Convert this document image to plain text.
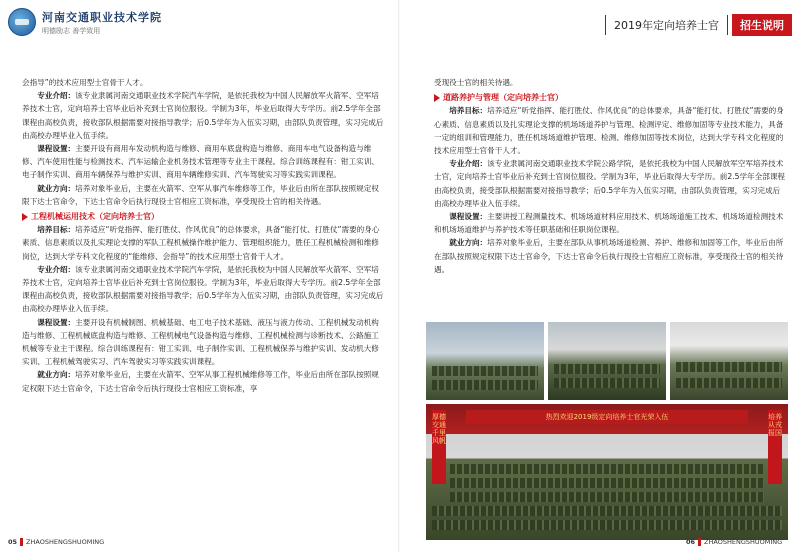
河南交通职业技术学院
明德励志 善学致用

会指导”的技术应用型士官骨干人才。

专业介绍：该专业隶属河南交通职业技术学院汽车学院，是依托我校为中国人民解放军火箭军、空军培养技术士官，定向培养士官毕业后补充到士官岗位服役。学制为3年，毕业后取得大专学历。前2.5学年全部课程由高校负责，接收部队根据需要对接指导教学；后0.5学年为入伍实习期，由部队负责管理，实习完成后由高校办理毕业入伍手续。

课程设置：主要开设有商用车发动机构造与维修、商用车底盘构造与维修、商用车电气设备构造与维修、汽车使用性能与检测技术、汽车运输企业机务技术管理等专业主干课程。综合训练课程有：钳工实训、电子制作实训、商用车辆保养与维护实训、商用车辆维修实训、汽车驾驶实习等实践实训课程。

就业方向：培养对象毕业后，主要在火箭军、空军从事汽车维修等工作，毕业后由所在部队按照规定权限下达士官命令，下达士官命令后执行现役士官相应工资标准，享受现役士官的相关待遇。

工程机械运用技术（定向培养士官）

培养目标：培养适应“听党指挥、能打胜仗、作风优良”的总体要求，具备“能打仗、打胜仗”需要的身心素质、信息素质以及扎实理论支撑的军队工程机械操作维护能力、管理组织能力，胜任工程机械检测和维修岗位，达到大学专科文化程度的“能维修、会指导”的技术应用型士官骨干人才。

专业介绍：该专业隶属河南交通职业技术学院汽车学院，是依托我校为中国人民解放军火箭军、空军培养技术士官，定向培养士官毕业后补充到士官岗位服役。学制为3年，毕业后取得大专学历。前2.5学年全部课程由高校负责，接收部队根据需要对接指导教学；后0.5学年为入伍实习期，由部队负责管理，实习完成后由高校办理毕业入伍手续。

课程设置：主要开设有机械制图、机械基础、电工电子技术基础、液压与液力传动、工程机械发动机构造与维修、工程机械底盘构造与维修、工程机械电气设备构造与维修、工程机械检测与诊断技术、公路施工机械等专业主干课程。综合训练课程有：钳工实训、电子制作实训、工程机械保养与维护实训、发动机大修实训、工程机械驾驶实习、汽车驾驶实习等实践实训课程。

就业方向：培养对象毕业后，主要在火箭军、空军从事工程机械维修等工作，毕业后由所在部队按照规定权限下达士官命令，下达士官命令后执行现役士官相应工资标准，享

05 ZHAOSHENGSHUOMING
2019年定向培养士官	招生说明

受现役士官的相关待遇。

道路养护与管理（定向培养士官）

培养目标：培养适应“听党指挥、能打胜仗、作风优良”的总体要求，具备“能打仗、打胜仗”需要的身心素质、信息素质以及扎实理论支撑的机场场道养护与管理、检测评定、维修加固等专业技术能力，具备一定的组训和管理能力，胜任机场场道维护管理、检测、维修加固等技术岗位，达到大学专科文化程度的技术应用型士官骨干人才。

专业介绍：该专业隶属河南交通职业技术学院公路学院，是依托我校为中国人民解放军空军培养技术士官，定向培养士官毕业后补充到士官岗位服役。学制为3年，毕业后取得大专学历。前2.5学年全部课程由高校负责，接受部队根据需要对接指导教学；后0.5学年为入伍实习期，由部队负责管理，实习完成后由高校办理毕业入伍手续。

课程设置：主要讲授工程测量技术、机场场道材料应用技术、机场场道施工技术、机场场道检测技术和机场场道维护与养护技术等任职基础和任职岗位课程。

就业方向：培养对象毕业后，主要在部队从事机场场道检测、养护、维修和加固等工作，毕业后由所在部队按照规定权限下达士官命令，下达士官命令后执行现役士官相应工资标准，享受现役士官的相关待遇。

热烈欢迎2019级定向培养士官光荣入伍
厚德交通 千里风帆
培养从戎报国
06 ZHAOSHENGSHUOMING
